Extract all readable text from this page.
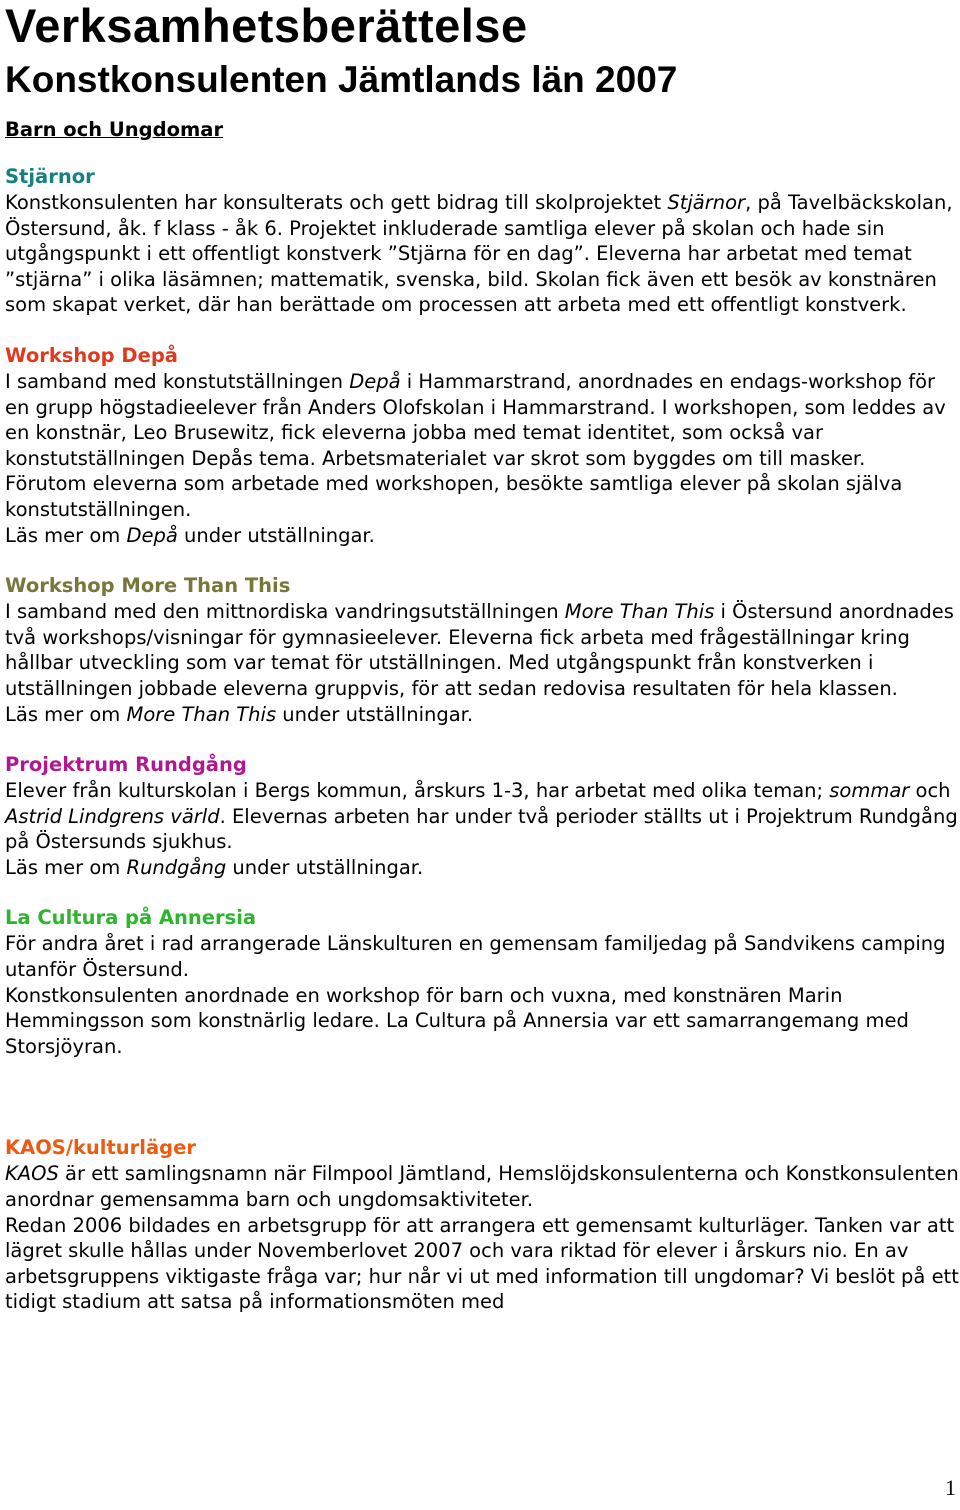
Verksamhetsberättelse
Konstkonsulenten Jämtlands län 2007
Barn och Ungdomar
Stjärnor
Konstkonsulenten har konsulterats och gett bidrag till skolprojektet Stjärnor, på Tavelbäckskolan, Östersund, åk. f klass - åk 6. Projektet inkluderade samtliga elever på skolan och hade sin utgångspunkt i ett offentligt konstverk ”Stjärna för en dag”. Eleverna har arbetat med temat ”stjärna” i olika läsämnen; mattematik, svenska, bild. Skolan fick även ett besök av konstnären som skapat verket, där han berättade om processen att arbeta med ett offentligt konstverk.
Workshop Depå
I samband med konstutställningen Depå i Hammarstrand, anordnades en endags-workshop för en grupp högstadieelever från Anders Olofskolan i Hammarstrand. I workshopen, som leddes av en konstnär, Leo Brusewitz, fick eleverna jobba med temat identitet, som också var konstutställningen Depås tema. Arbetsmaterialet var skrot som byggdes om till masker.
Förutom eleverna som arbetade med workshopen, besökte samtliga elever på skolan själva konstutställningen.
Läs mer om Depå under utställningar.
Workshop More Than This
I samband med den mittnordiska vandringsutställningen More Than This i Östersund anordnades två workshops/visningar för gymnasieelever. Eleverna fick arbeta med frågeställningar kring hållbar utveckling som var temat för utställningen. Med utgångspunkt från konstverken i utställningen jobbade eleverna gruppvis, för att sedan redovisa resultaten för hela klassen.
Läs mer om More Than This under utställningar.
Projektrum Rundgång
Elever från kulturskolan i Bergs kommun, årskurs 1-3, har arbetat med olika teman; sommar och Astrid Lindgrens värld. Elevernas arbeten har under två perioder ställts ut i Projektrum Rundgång på Östersunds sjukhus.
Läs mer om Rundgång under utställningar.
La Cultura på Annersia
För andra året i rad arrangerade Länskulturen en gemensam familjedag på Sandvikens camping utanför Östersund.
Konstkonsulenten anordnade en workshop för barn och vuxna, med konstnären Marin Hemmingsson som konstnärlig ledare. La Cultura på Annersia var ett samarrangemang med Storsjöyran.
KAOS/kulturläger
KAOS är ett samlingsnamn när Filmpool Jämtland, Hemslöjdskonsulenterna och Konstkonsulenten anordnar gemensamma barn och ungdomsaktiviteter.
Redan 2006 bildades en arbetsgrupp för att arrangera ett gemensamt kulturläger. Tanken var att lägret skulle hållas under Novemberlovet 2007 och vara riktad för elever i årskurs nio. En av arbetsgruppens viktigaste fråga var; hur når vi ut med information till ungdomar? Vi beslöt på ett tidigt stadium att satsa på informationsmöten med
1
